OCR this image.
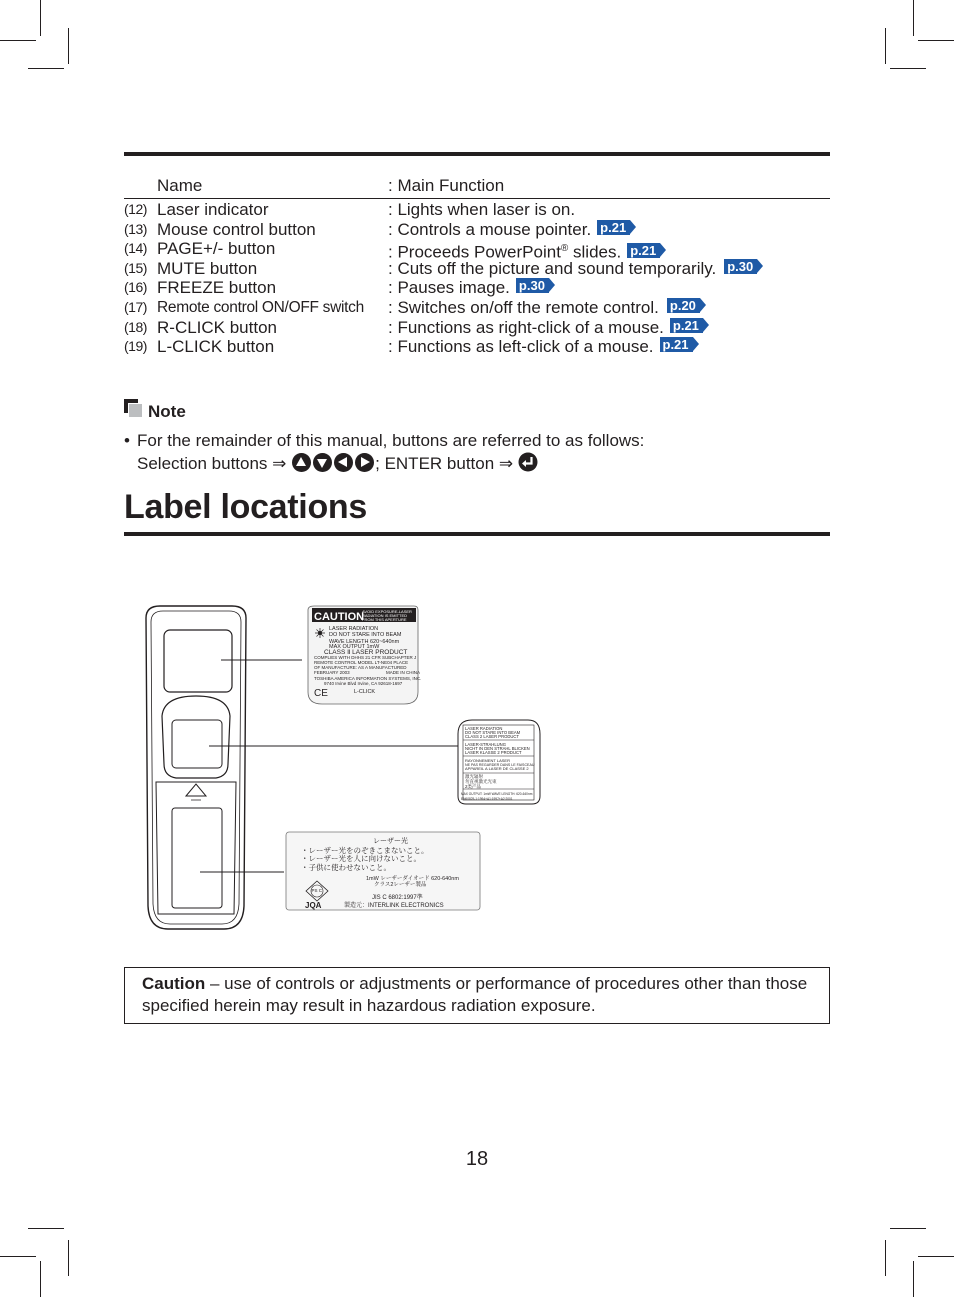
Name	: Main Function
(12) Laser indicator	: Lights when laser is on.
(13) Mouse control button	: Controls a mouse pointer. p.21
(14) PAGE+/- button	: Proceeds PowerPoint® slides. p.21
(15) MUTE button	: Cuts off the picture and sound temporarily. p.30
(16) FREEZE button	: Pauses image. p.30
(17) Remote control ON/OFF switch : Switches on/off the remote control. p.20
(18) R-CLICK button	: Functions as right-click of a mouse. p.21
(19) L-CLICK button	: Functions as left-click of a mouse. p.21
Note
• For the remainder of this manual, buttons are referred to as follows:
Selection buttons ⇒	; ENTER button ⇒
Label locations
CAUTION
AVOID EXPOSURE-LASER
RADIATION IS EMITTED
FROM THIS APERTURE
LASER RADIATION
DO NOT STARE INTO BEAM
WAVE LENGTH 620~640nm
MAX OUTPUT 1mW
CLASS Ⅱ LASER PRODUCT
COMPLIES WITH DHHS 21 CFR SUBCHAPTER J
REMOTE CONTROL MODEL LT-NE04 PLACE
OF MANUFACTURE: AS A MANUFACTURED
FEBRUARY 2003	MADE IN CHINA
TOSHIBA AMERICA INFORMATION SYSTEMS, INC.
9740 Irvine Blvd Irvine, CA 92618-1697
CE	L-CLICK
LASER RADIATION
DO NOT STARE INTO BEAM
CLASS 2 LASER PRODUCT
LASER-STRAHLUNG
NICHT IN DEN STRAHL BLICKEN
LASER KLASSE 2 PRODUCT
RAYONNEMENT LASER
NE PAS REGARDER DANS LE FAISCEAU
APPAREIL A LASER DE CLASSE 2
激光辐射
勿直视激光光束
2类产品
MAX OUTPUT: 1mW WAVE LENGTH: 620-640nm
EN60825-1:1994+A1:1997+A2:2001
レーザー光
・レーザー光をのぞきこまないこと。
・レーザー光を人に向けないこと。
・子供に使わせないこと。
PS C
1mW レーザーダイオード 620-640nm
クラス2レーザー製品
JIS C 6802:1997準
製造元：INTERLINK ELECTRONICS
JQA
Caution – use of controls or adjustments or performance of procedures other than those specified herein may result in hazardous radiation exposure.
18
